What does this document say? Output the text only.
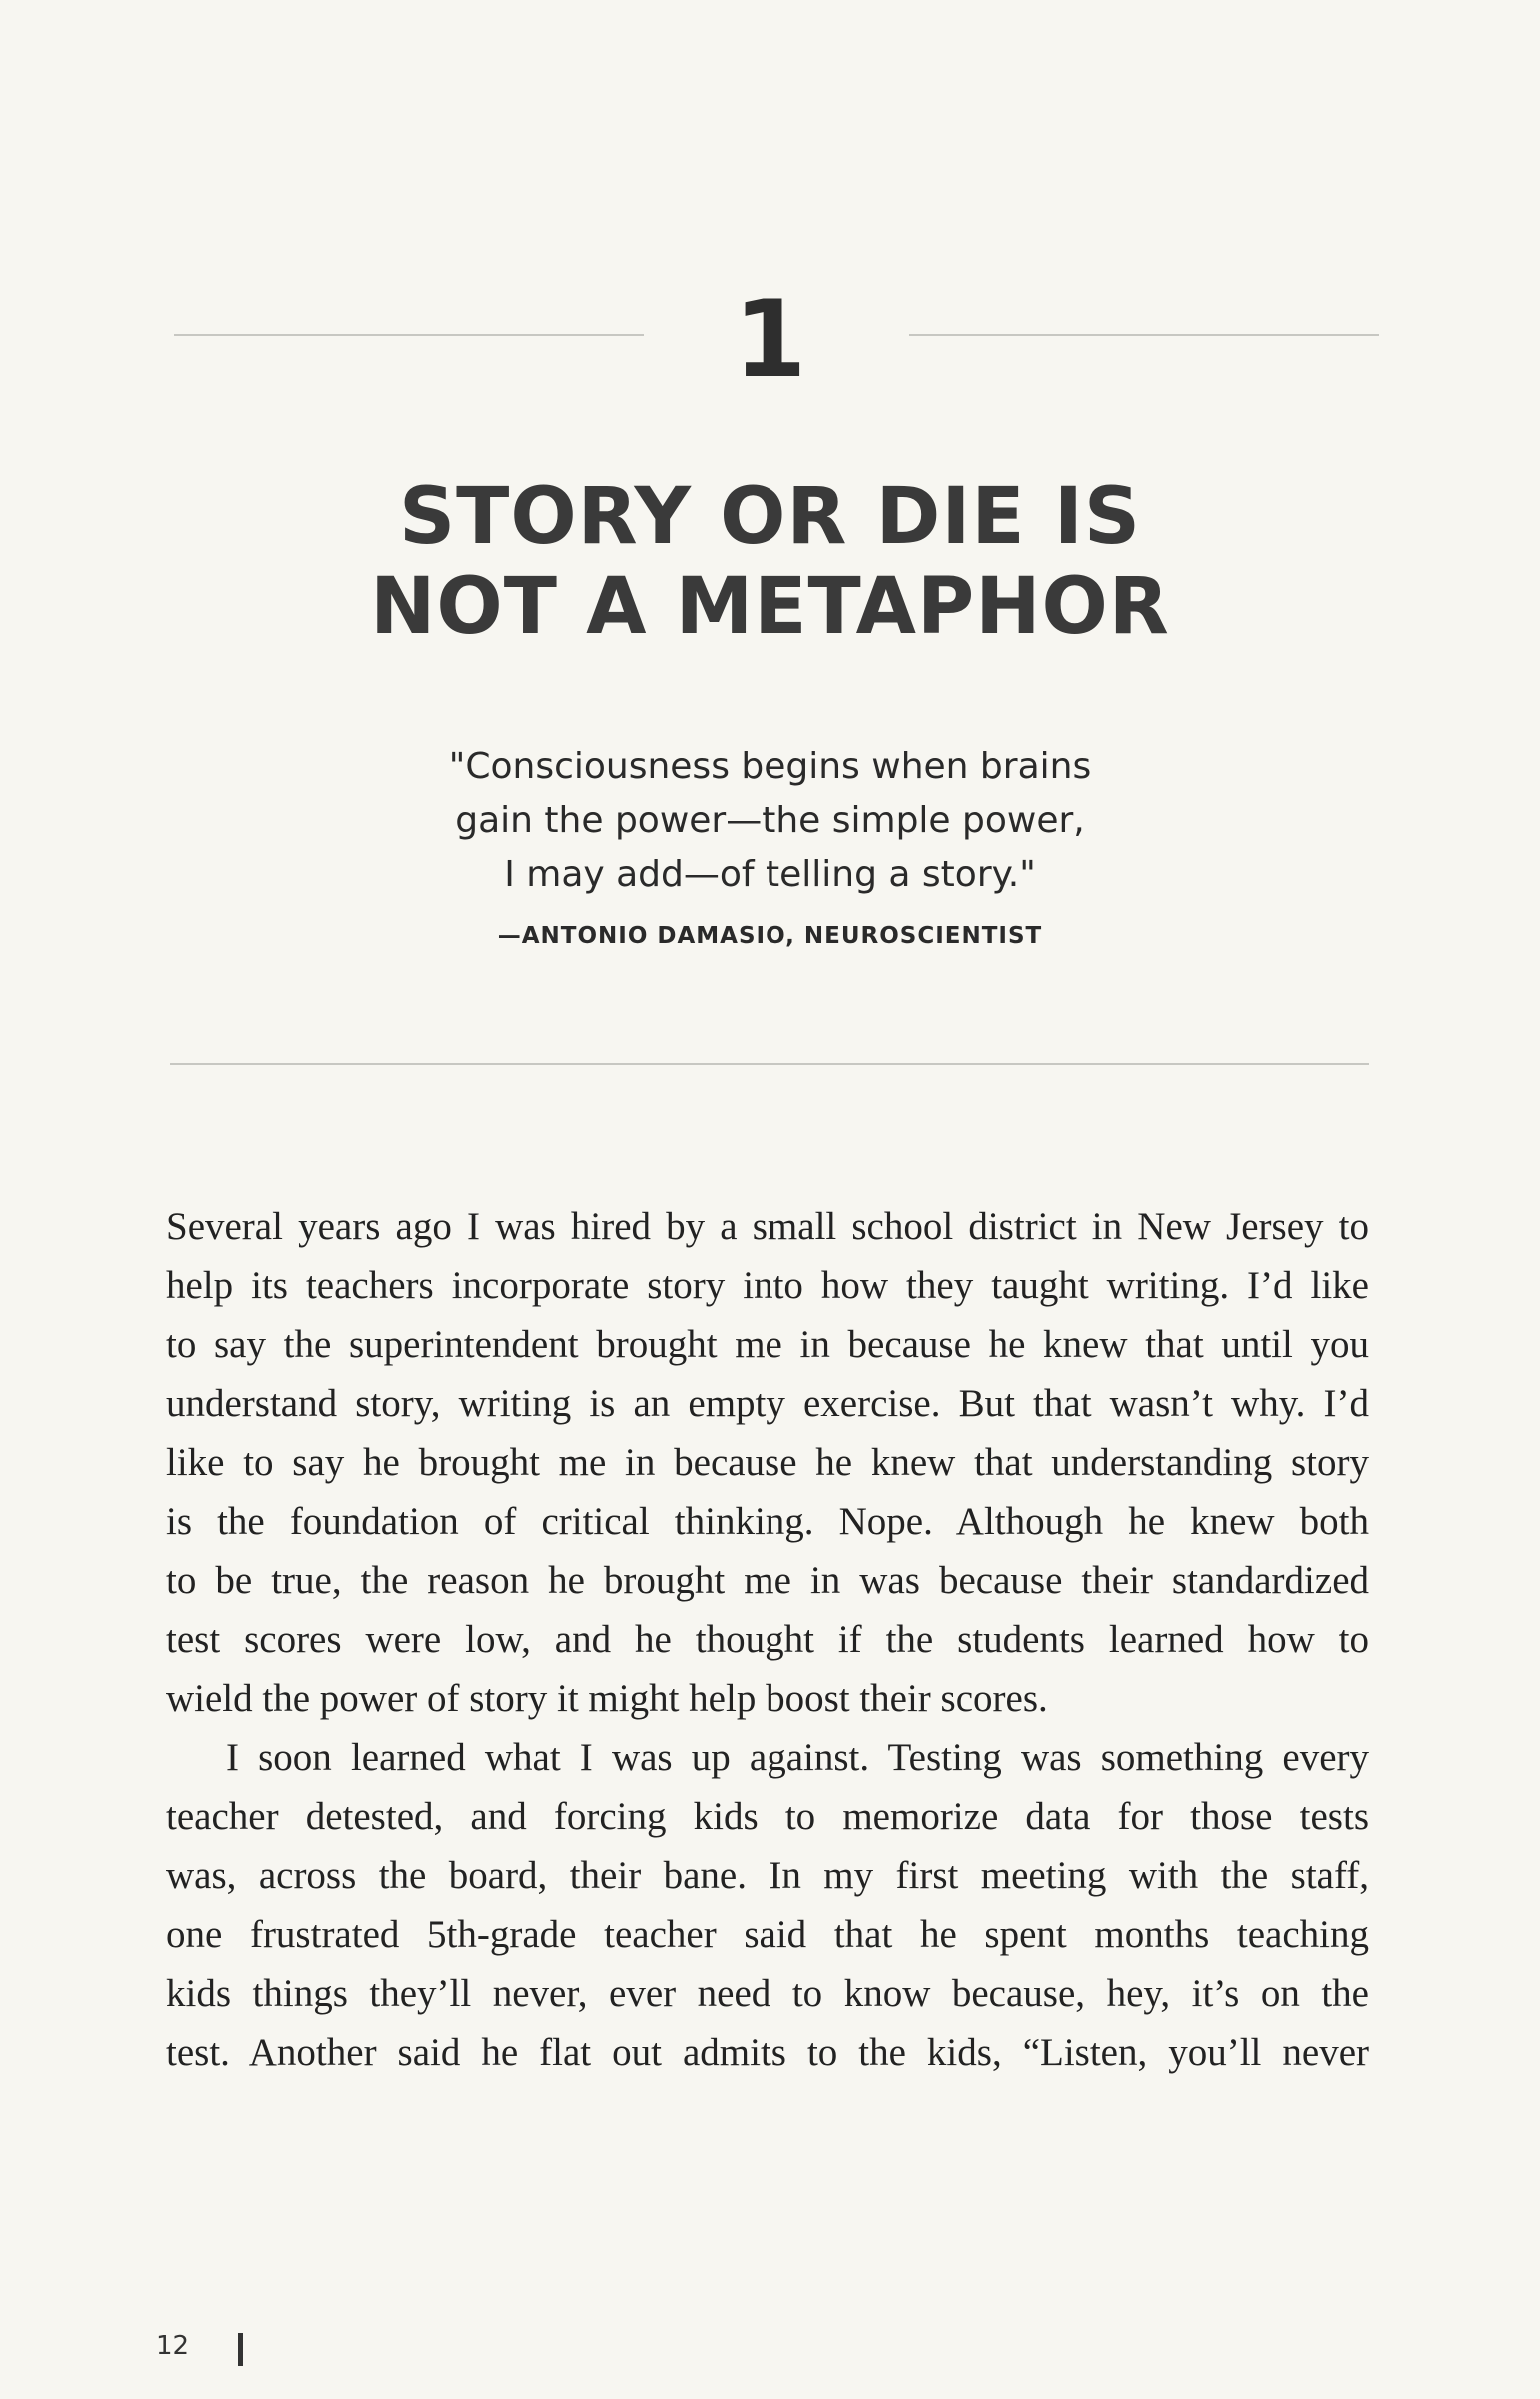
1
STORY OR DIE IS
NOT A METAPHOR
"Consciousness begins when brains
gain the power—the simple power,
I may add—of telling a story."
—ANTONIO DAMASIO, NEUROSCIENTIST
Several years ago I was hired by a small school district in New Jersey to
help its teachers incorporate story into how they taught writing. I’d like
to say the superintendent brought me in because he knew that until you
understand story, writing is an empty exercise. But that wasn’t why. I’d
like to say he brought me in because he knew that understanding story
is the foundation of critical thinking. Nope. Although he knew both
to be true, the reason he brought me in was because their standardized
test scores were low, and he thought if the students learned how to
wield the power of story it might help boost their scores.
I soon learned what I was up against. Testing was something every
teacher detested, and forcing kids to memorize data for those tests
was, across the board, their bane. In my first meeting with the staff,
one frustrated 5th-grade teacher said that he spent months teaching
kids things they’ll never, ever need to know because, hey, it’s on the
test. Another said he flat out admits to the kids, “Listen, you’ll never
12
